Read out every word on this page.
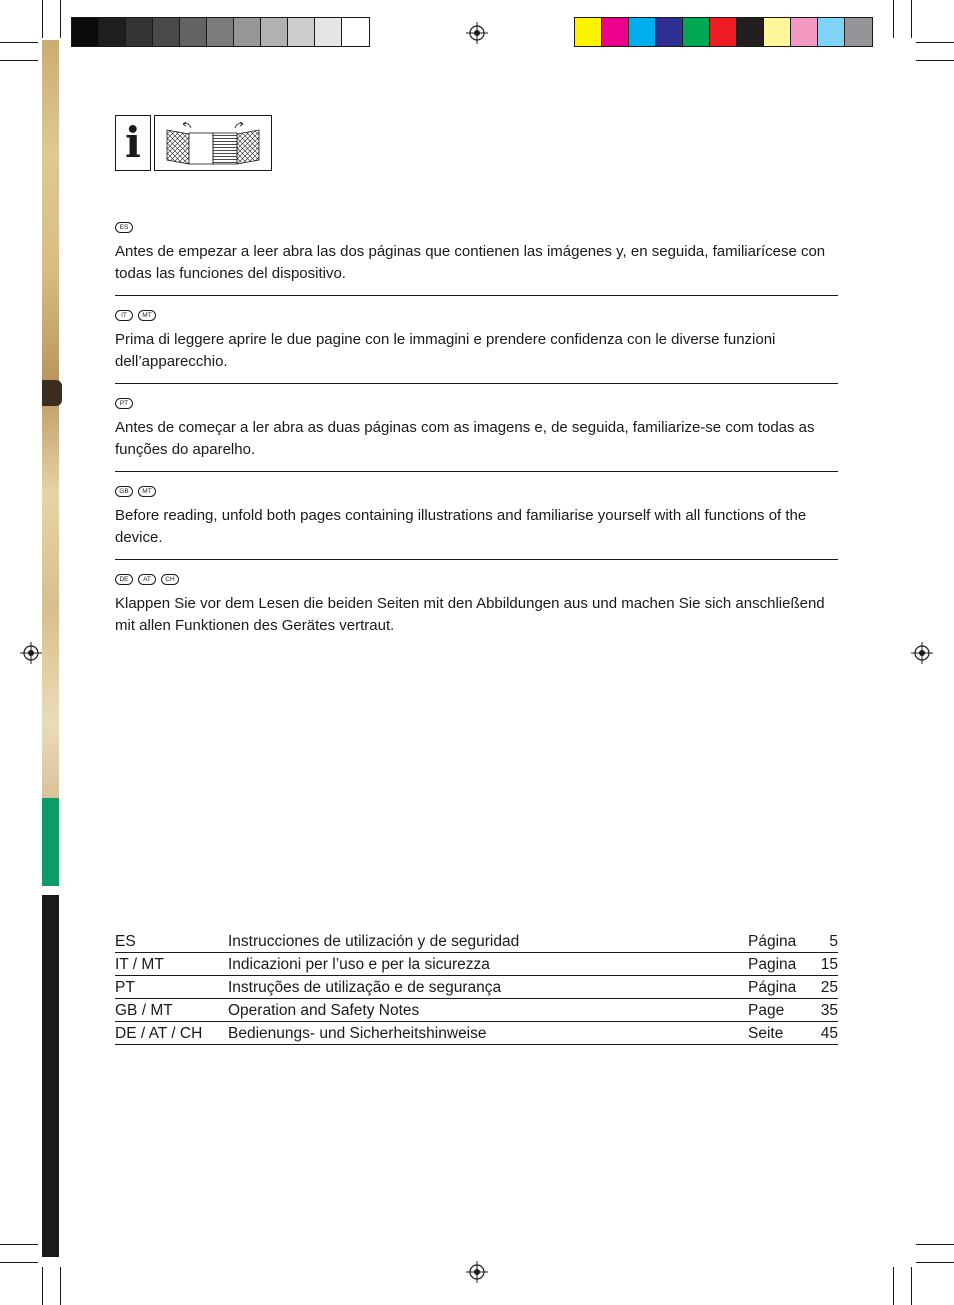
i
ES
Antes de empezar a leer abra las dos páginas que contienen las imágenes y, en seguida, familiarícese con todas las funciones del dispositivo.
IT	MT
Prima di leggere aprire le due pagine con le immagini e prendere confidenza con le diverse funzioni dell’apparecchio.
PT
Antes de começar a ler abra as duas páginas com as imagens e, de seguida, familiarize-se com todas as funções do aparelho.
GB	MT
Before reading, unfold both pages containing illustrations and familiarise yourself with all functions of the device.
DE	AT	CH
Klappen Sie vor dem Lesen die beiden Seiten mit den Abbildungen aus und machen Sie sich anschließend mit allen Funktionen des Gerätes vertraut.
ES	Instrucciones de utilización y de seguridad	Página	5
IT / MT	Indicazioni per l’uso e per la sicurezza	Pagina	15
PT	Instruções de utilização e de segurança	Página	25
GB / MT	Operation and Safety Notes	Page	35
DE / AT / CH	Bedienungs- und Sicherheitshinweise	Seite	45
